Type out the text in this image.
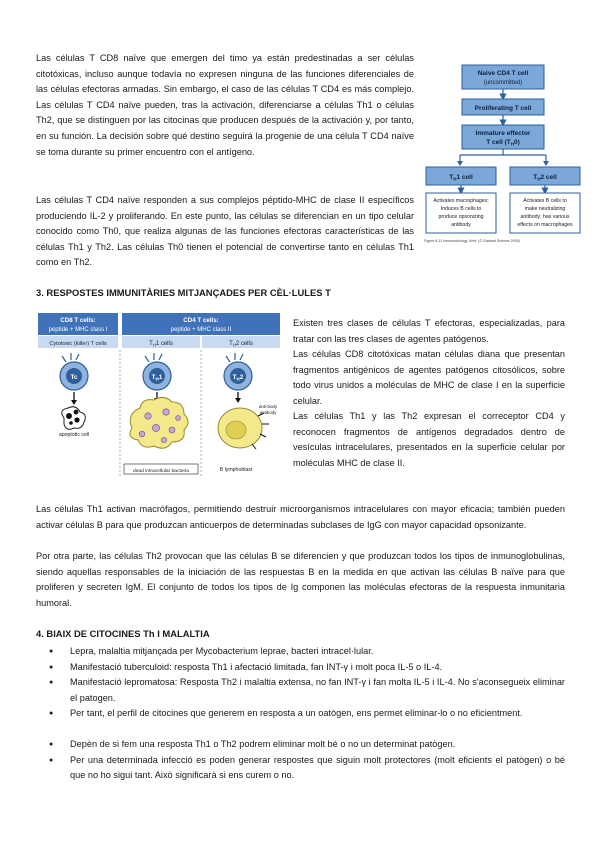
Las células T CD8 naïve que emergen del timo ya están predestinadas a ser células citotóxicas, incluso aunque todavía no expresen ninguna de las funciones diferenciales de las células efectoras armadas. Sin embargo, el caso de las células T CD4 es más complejo. Las células T CD4 naïve pueden, tras la activación, diferenciarse a células Th1 o células Th2, que se distinguen por las citocinas que producen después de la activación y, por tanto, en su función. La decisión sobre qué destino seguirá la progenie de una célula T CD4 naïve se toma durante su primer encuentro con el antígeno.

Las células T CD4 naïve responden a sus complejos péptido-MHC de clase II específicos produciendo IL-2 y proliferando. En este punto, las células se diferencian en un tipo celular conocido como Th0, que realiza algunas de las funciones efectoras características de las células Th1 y Th2. Las células Th0 tienen el potencial de convertirse tanto en células Th1 como en Th2.

Naive CD4 T cell
(uncommitted)
Proliferating T cell
Immature effector
T cell $(T_H0)$
$T_H1$ cell	$T_H2$ cell
Activates macrophages;
Induces B cells to
produce opsonizing
antibody
Activates B cells to
make neutralizing
antibody; has various
effects on macrophages
Figure 8-11 Immunobiology, 6/ed. (© Garland Science 2005)

3. RESPOSTES IMMUNITÀRIES MITJANÇADES PER CÈL·LULES T

CD8 T cells:
peptide + MHC class I
CD4 T cells:
peptide + MHC class II
Cytotoxic (killer) T cells	$T_H1$ cells	$T_H2$ cells
Tc
apoptotic cell
$T_H1$
dead intracellular bacteria
$T_H2$
anti-body
antibody
B lymphoblast

Existen tres clases de células T efectoras, especializadas, para tratar con las tres clases de agentes patógenos.

Las células CD8 citotóxicas matan células diana que presentan fragmentos antigénicos de agentes patógenos citosólicos, sobre todo virus unidos a moléculas de MHC de clase I en la superficie celular.

Las células Th1 y las Th2 expresan el correceptor CD4 y reconocen fragmentos de antígenos degradados dentro de vesículas intracelulares, presentados en la superficie celular por moléculas MHC de clase II.

Las células Th1 activan macrófagos, permitiendo destruir microorganismos intracelulares con mayor eficacia; también pueden activar células B para que produzcan anticuerpos de determinadas subclases de IgG con mayor capacidad opsonizante.

Por otra parte, las células Th2 provocan que las células B se diferencien y que produzcan todos los tipos de inmunoglobulinas, siendo aquellas responsables de la iniciación de las respuestas B en la medida en que activan las células B naïve para que proliferen y secreten IgM. El conjunto de todos los tipos de Ig componen las moléculas efectoras de la respuesta inmunitaria humoral.

4. BIAIX DE CITOCINES Th I MALALTIA

● Lepra, malaltia mitjançada per Mycobacterium leprae, bacteri intracel·lular.
● Manifestació tuberculoid: resposta Th1 i afectació limitada, fan INT-γ i molt poca IL-5 o IL-4.
● Manifestació lepromatosa: Resposta Th2 i malaltia extensa, no fan INT-γ i fan molta IL-5 i IL-4. No s'aconsegueix eliminar el patogen.
● Per tant, el perfil de citocines que generem en resposta a un oatògen, ens permet eliminar-lo o no eficientment.
● Depèn de si fem una resposta Th1 o Th2 podrem eliminar molt bé o no un determinat patògen.
● Per una determinada infecció es poden generar respostes que siguin molt protectores (molt eficients el patògen) o bé que no ho sigui tant. Això significarà si ens curem o no.
